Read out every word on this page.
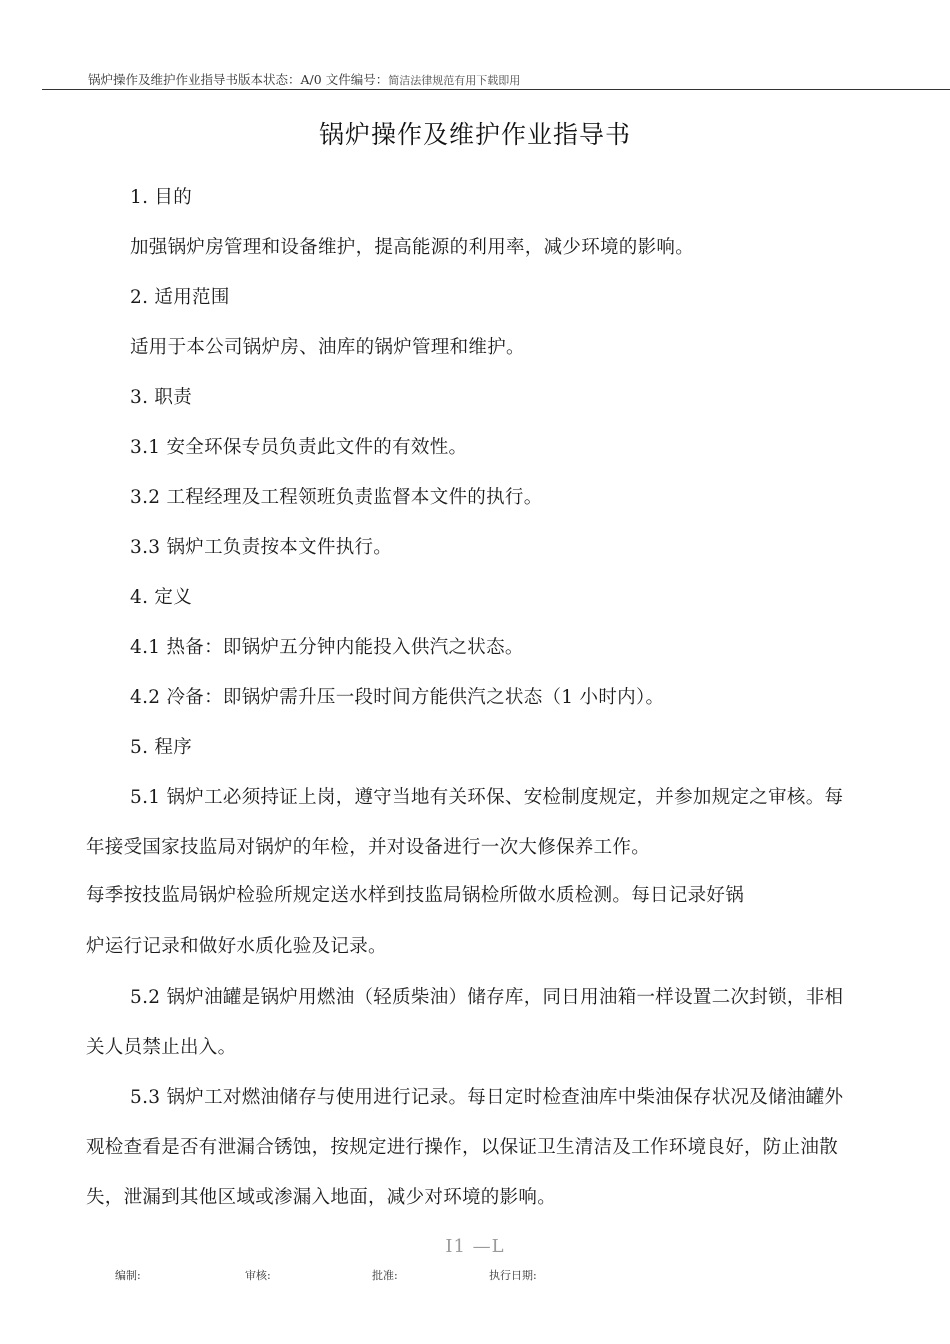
锅炉操作及维护作业指导书版本状态：A/0 文件编号：简洁法律规范有用下载即用
锅炉操作及维护作业指导书
1. 目的
加强锅炉房管理和设备维护，提高能源的利用率，减少环境的影响。
2. 适用范围
适用于本公司锅炉房、油库的锅炉管理和维护。
3. 职责
3.1 安全环保专员负责此文件的有效性。
3.2 工程经理及工程领班负责监督本文件的执行。
3.3 锅炉工负责按本文件执行。
4. 定义
4.1 热备：即锅炉五分钟内能投入供汽之状态。
4.2 冷备：即锅炉需升压一段时间方能供汽之状态（1 小时内）。
5. 程序
5.1 锅炉工必须持证上岗，遵守当地有关环保、安检制度规定，并参加规定之审核。每
年接受国家技监局对锅炉的年检，并对设备进行一次大修保养工作。
每季按技监局锅炉检验所规定送水样到技监局锅检所做水质检测。每日记录好锅
炉运行记录和做好水质化验及记录。
5.2 锅炉油罐是锅炉用燃油（轻质柴油）储存库，同日用油箱一样设置二次封锁，非相
关人员禁止出入。
5.3 锅炉工对燃油储存与使用进行记录。每日定时检查油库中柴油保存状况及储油罐外
观检查看是否有泄漏合锈蚀，按规定进行操作，以保证卫生清洁及工作环境良好，防止油散
失，泄漏到其他区域或渗漏入地面，减少对环境的影响。
I1 —L
编制:	审核:	批准:	执行日期:
